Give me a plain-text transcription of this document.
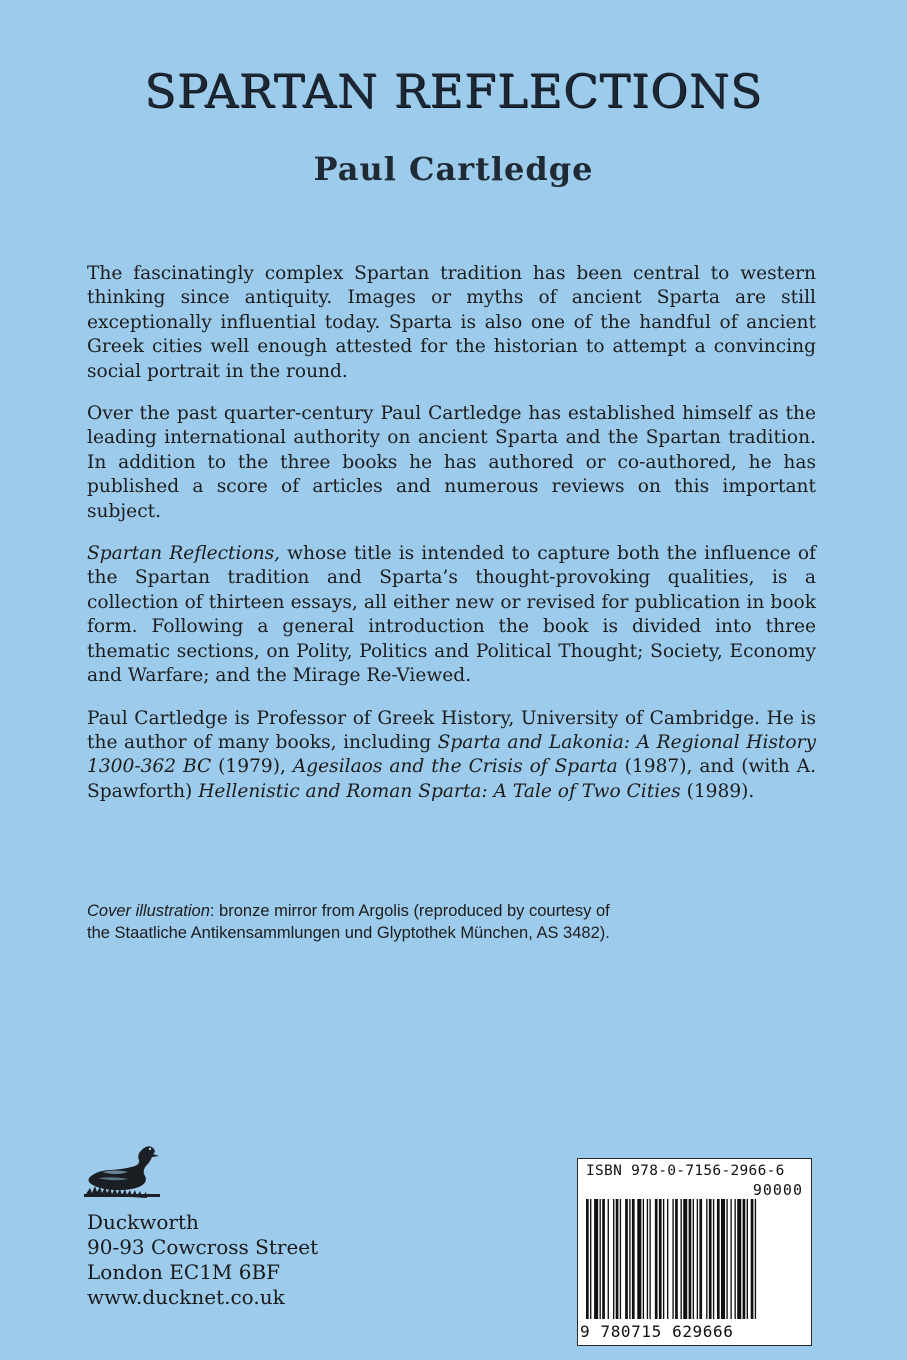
SPARTAN REFLECTIONS
Paul Cartledge

The fascinatingly complex Spartan tradition has been central to western thinking since antiquity. Images or myths of ancient Sparta are still exceptionally influential today. Sparta is also one of the handful of ancient Greek cities well enough attested for the historian to attempt a convincing social portrait in the round.

Over the past quarter-century Paul Cartledge has established himself as the leading international authority on ancient Sparta and the Spartan tradition. In addition to the three books he has authored or co-authored, he has published a score of articles and numerous reviews on this important subject.

Spartan Reflections, whose title is intended to capture both the influence of the Spartan tradition and Sparta’s thought-provoking qualities, is a collection of thirteen essays, all either new or revised for publication in book form. Following a general introduction the book is divided into three thematic sections, on Polity, Politics and Political Thought; Society, Economy and Warfare; and the Mirage Re-Viewed.

Paul Cartledge is Professor of Greek History, University of Cambridge. He is the author of many books, including Sparta and Lakonia: A Regional History 1300-362 BC (1979), Agesilaos and the Crisis of Sparta (1987), and (with A. Spawforth) Hellenistic and Roman Sparta: A Tale of Two Cities (1989).

Cover illustration: bronze mirror from Argolis (reproduced by courtesy of the Staatliche Antikensammlungen und Glyptothek München, AS 3482).
Duckworth
90-93 Cowcross Street
London EC1M 6BF
www.ducknet.co.uk
ISBN 978-0-7156-2966-6
90000
9 780715 629666
